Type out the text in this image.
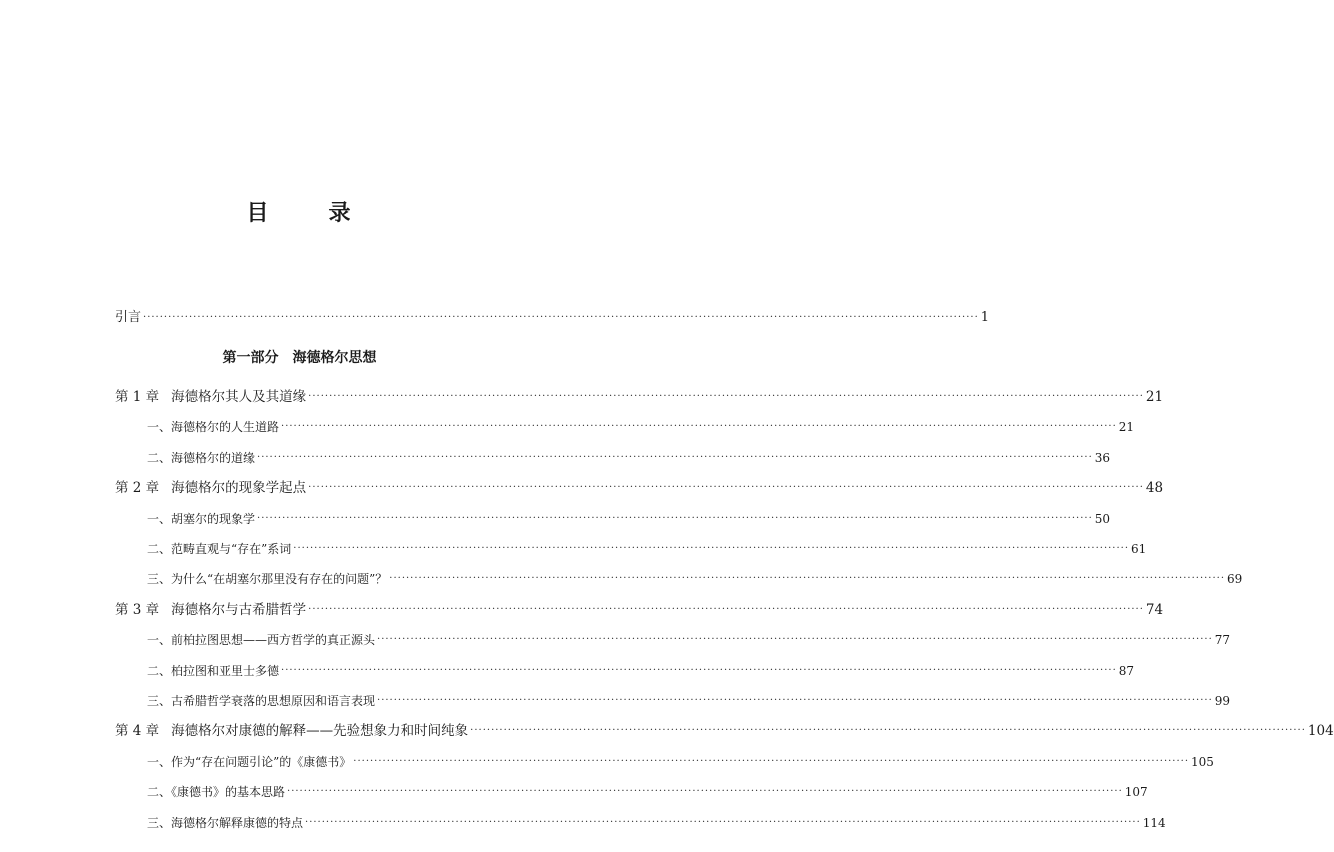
目	录
引言 ········································································································································································································ 1
第一部分 海德格尔思想
第 1 章 海德格尔其人及其道缘 ········································································································································································································ 21
一、海德格尔的人生道路 ········································································································································································································ 21
二、海德格尔的道缘 ········································································································································································································ 36
第 2 章 海德格尔的现象学起点 ········································································································································································································ 48
一、胡塞尔的现象学 ········································································································································································································ 50
二、范畴直观与“存在”系词 ········································································································································································································ 61
三、为什么“在胡塞尔那里没有存在的问题”？ ········································································································································································································ 69
第 3 章 海德格尔与古希腊哲学 ········································································································································································································ 74
一、前柏拉图思想——西方哲学的真正源头 ········································································································································································································ 77
二、柏拉图和亚里士多德 ········································································································································································································ 87
三、古希腊哲学衰落的思想原因和语言表现 ········································································································································································································ 99
第 4 章 海德格尔对康德的解释——先验想象力和时间纯象 ········································································································································································································ 104
一、作为“存在问题引论”的《康德书》 ········································································································································································································ 105
二、《康德书》的基本思路 ········································································································································································································ 107
三、海德格尔解释康德的特点 ········································································································································································································ 114
